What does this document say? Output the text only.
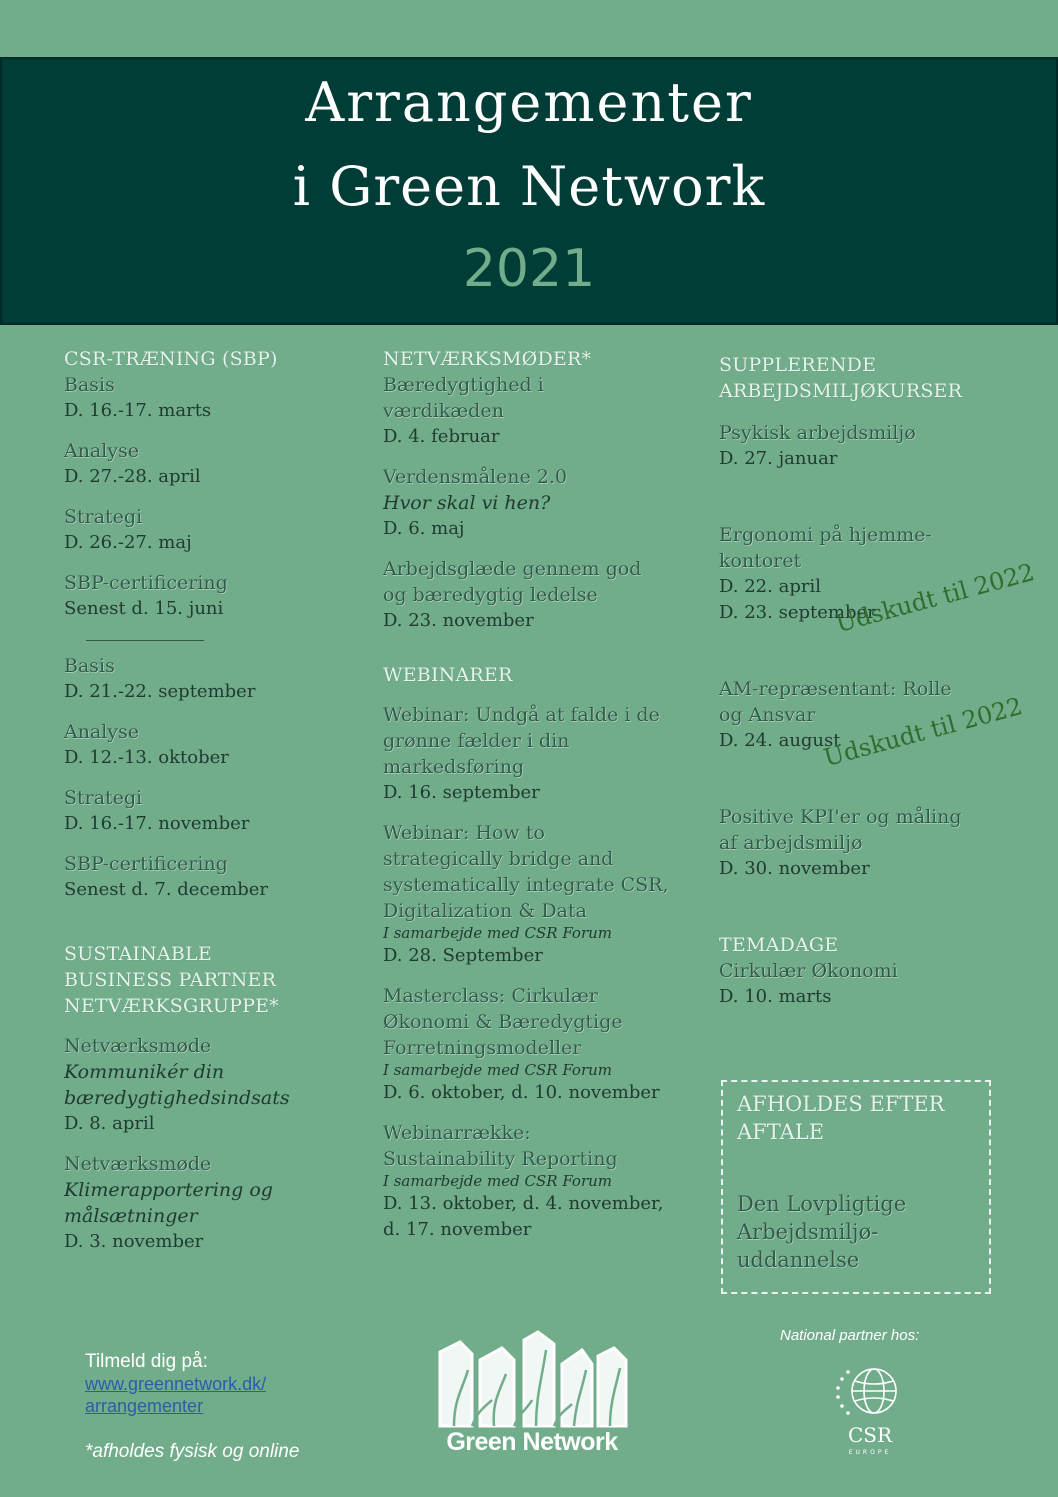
Arrangementer
i Green Network
2021
CSR-TRÆNING (SBP)
Basis
D. 16.-17. marts
Analyse
D. 27.-28. april
Strategi
D. 26.-27. maj
SBP-certificering
Senest d. 15. juni
Basis
D. 21.-22. september
Analyse
D. 12.-13. oktober
Strategi
D. 16.-17. november
SBP-certificering
Senest d. 7. december
SUSTAINABLE
BUSINESS PARTNER
NETVÆRKSGRUPPE*
Netværksmøde
Kommunikér din
bæredygtighedsindsats
D. 8. april
Netværksmøde
Klimerapportering og
målsætninger
D. 3. november
NETVÆRKSMØDER*
Bæredygtighed i
værdikæden
D. 4. februar
Verdensmålene 2.0
Hvor skal vi hen?
D. 6. maj
Arbejdsglæde gennem god
og bæredygtig ledelse
D. 23. november
WEBINARER
Webinar: Undgå at falde i de
grønne fælder i din
markedsføring
D. 16. september
Webinar: How to
strategically bridge and
systematically integrate CSR,
Digitalization & Data
I samarbejde med CSR Forum
D. 28. September
Masterclass: Cirkulær
Økonomi & Bæredygtige
Forretningsmodeller
I samarbejde med CSR Forum
D. 6. oktober, d. 10. november
Webinarrække:
Sustainability Reporting
I samarbejde med CSR Forum
D. 13. oktober, d. 4. november,
d. 17. november
SUPPLERENDE
ARBEJDSMILJØKURSER
Psykisk arbejdsmiljø
D. 27. januar
Ergonomi på hjemme-
kontoret
D. 22. april
D. 23. september
AM-repræsentant: Rolle
og Ansvar
D. 24. august
Positive KPI'er og måling
af arbejdsmiljø
D. 30. november
TEMADAGE
Cirkulær Økonomi
D. 10. marts
Udskudt til 2022
Udskudt til 2022
AFHOLDES EFTER
AFTALE
Den Lovpligtige
Arbejdsmiljø-
uddannelse
Tilmeld dig på:
www.greennetwork.dk/
arrangementer
*afholdes fysisk og online	Green Network
National partner hos:
CSR
EUROPE
